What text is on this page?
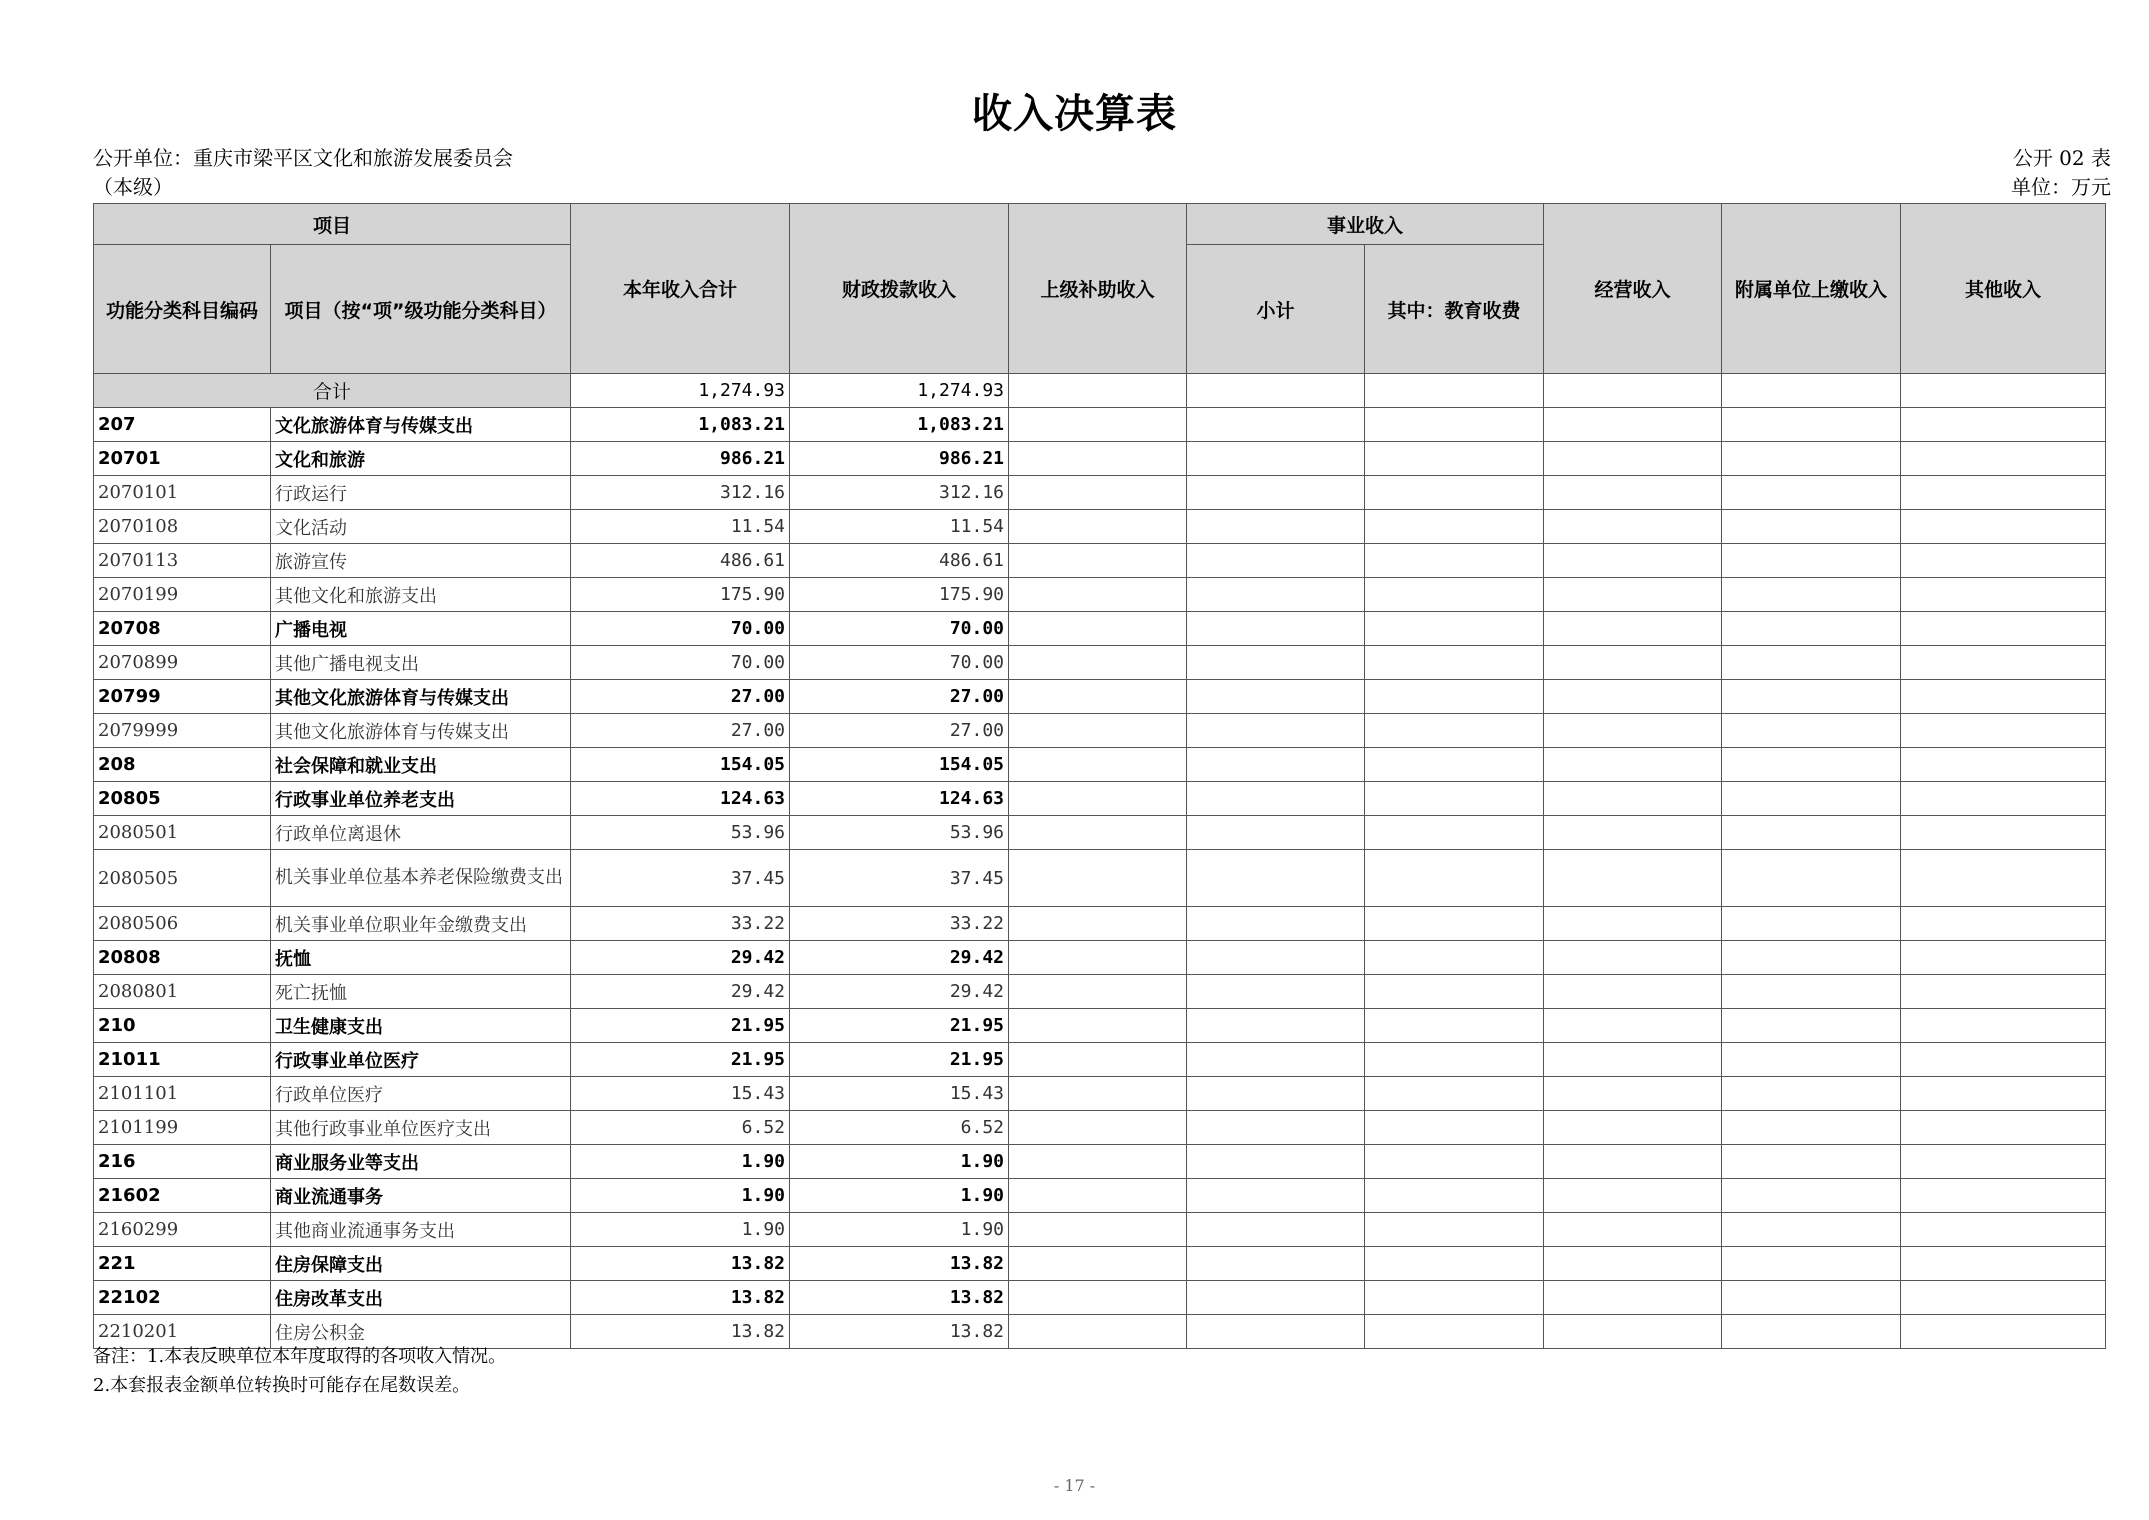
收入决算表
公开单位：重庆市梁平区文化和旅游发展委员会
（本级）
公开 02 表
单位：万元
项目		本年收入合计	财政拨款收入	上级补助收入	事业收入		经营收入	附属单位上缴收入	其他收入
功能分类科目编码	项目（按“项”级功能分类科目）				小计	其中：教育收费			
合计		1,274.93	1,274.93						
207	文化旅游体育与传媒支出	1,083.21	1,083.21						
20701	文化和旅游	986.21	986.21						
2070101	行政运行	312.16	312.16						
2070108	文化活动	11.54	11.54						
2070113	旅游宣传	486.61	486.61						
2070199	其他文化和旅游支出	175.90	175.90						
20708	广播电视	70.00	70.00						
2070899	其他广播电视支出	70.00	70.00						
20799	其他文化旅游体育与传媒支出	27.00	27.00						
2079999	其他文化旅游体育与传媒支出	27.00	27.00						
208	社会保障和就业支出	154.05	154.05						
20805	行政事业单位养老支出	124.63	124.63						
2080501	行政单位离退休	53.96	53.96						
2080505	机关事业单位基本养老保险缴费支出	37.45	37.45						
2080506	机关事业单位职业年金缴费支出	33.22	33.22						
20808	抚恤	29.42	29.42						
2080801	死亡抚恤	29.42	29.42						
210	卫生健康支出	21.95	21.95						
21011	行政事业单位医疗	21.95	21.95						
2101101	行政单位医疗	15.43	15.43						
2101199	其他行政事业单位医疗支出	6.52	6.52						
216	商业服务业等支出	1.90	1.90						
21602	商业流通事务	1.90	1.90						
2160299	其他商业流通事务支出	1.90	1.90						
221	住房保障支出	13.82	13.82						
22102	住房改革支出	13.82	13.82						
2210201	住房公积金	13.82	13.82						
备注：1.本表反映单位本年度取得的各项收入情况。
2.本套报表金额单位转换时可能存在尾数误差。
- 17 -
